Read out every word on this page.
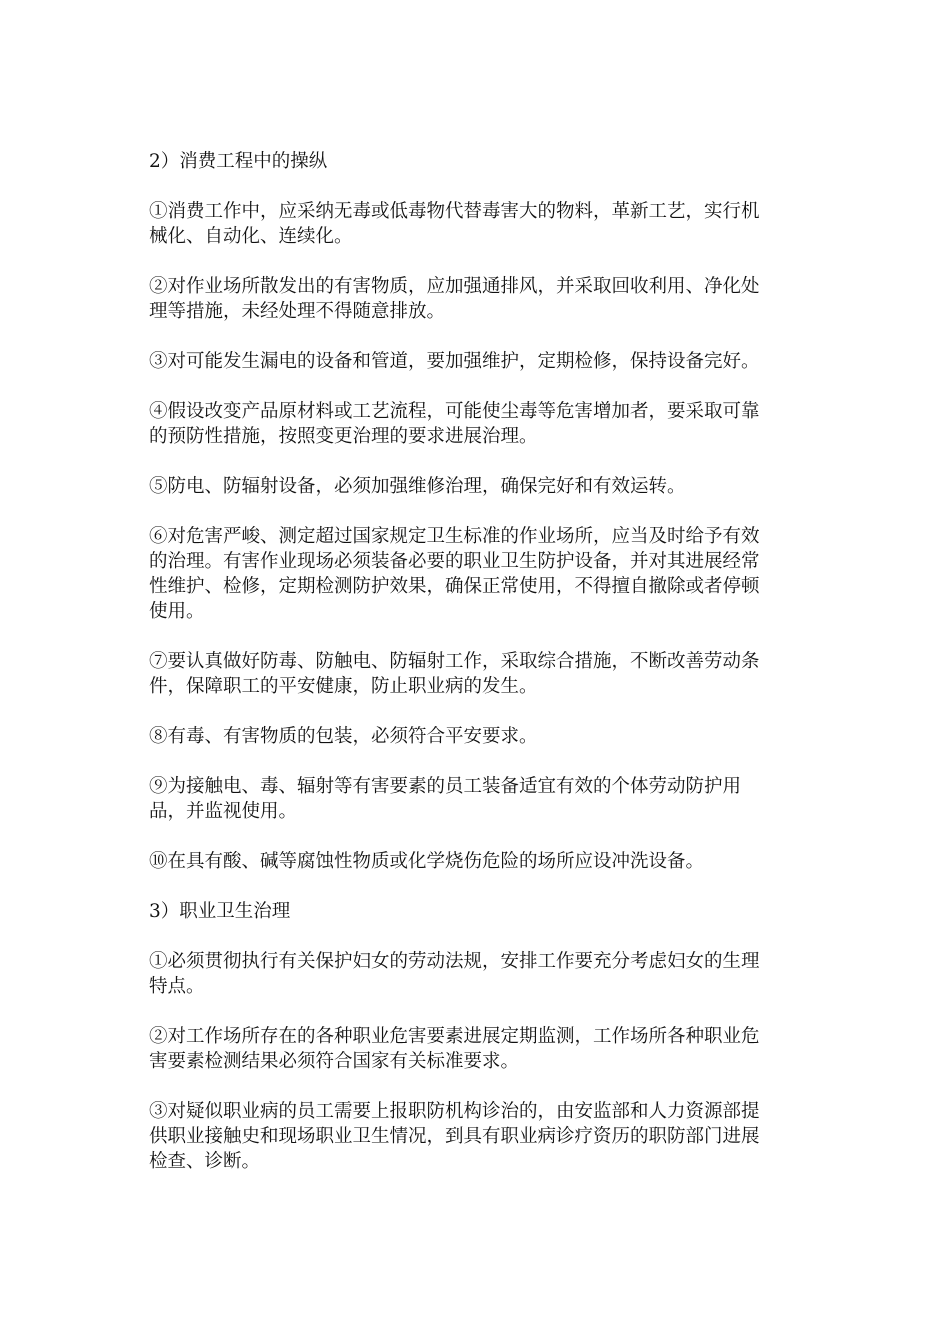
2）消费工程中的操纵
①消费工作中，应采纳无毒或低毒物代替毒害大的物料，革新工艺，实行机
械化、自动化、连续化。
②对作业场所散发出的有害物质，应加强通排风，并采取回收利用、净化处
理等措施，未经处理不得随意排放。
③对可能发生漏电的设备和管道，要加强维护，定期检修，保持设备完好。
④假设改变产品原材料或工艺流程，可能使尘毒等危害增加者，要采取可靠
的预防性措施，按照变更治理的要求进展治理。
⑤防电、防辐射设备，必须加强维修治理，确保完好和有效运转。
⑥对危害严峻、测定超过国家规定卫生标准的作业场所，应当及时给予有效
的治理。有害作业现场必须装备必要的职业卫生防护设备，并对其进展经常
性维护、检修，定期检测防护效果，确保正常使用，不得擅自撤除或者停顿
使用。
⑦要认真做好防毒、防触电、防辐射工作，采取综合措施，不断改善劳动条
件，保障职工的平安健康，防止职业病的发生。
⑧有毒、有害物质的包装，必须符合平安要求。
⑨为接触电、毒、辐射等有害要素的员工装备适宜有效的个体劳动防护用
品，并监视使用。
⑩在具有酸、碱等腐蚀性物质或化学烧伤危险的场所应设冲洗设备。
3）职业卫生治理
①必须贯彻执行有关保护妇女的劳动法规，安排工作要充分考虑妇女的生理
特点。
②对工作场所存在的各种职业危害要素进展定期监测，工作场所各种职业危
害要素检测结果必须符合国家有关标准要求。
③对疑似职业病的员工需要上报职防机构诊治的，由安监部和人力资源部提
供职业接触史和现场职业卫生情况，到具有职业病诊疗资历的职防部门进展
检查、诊断。
